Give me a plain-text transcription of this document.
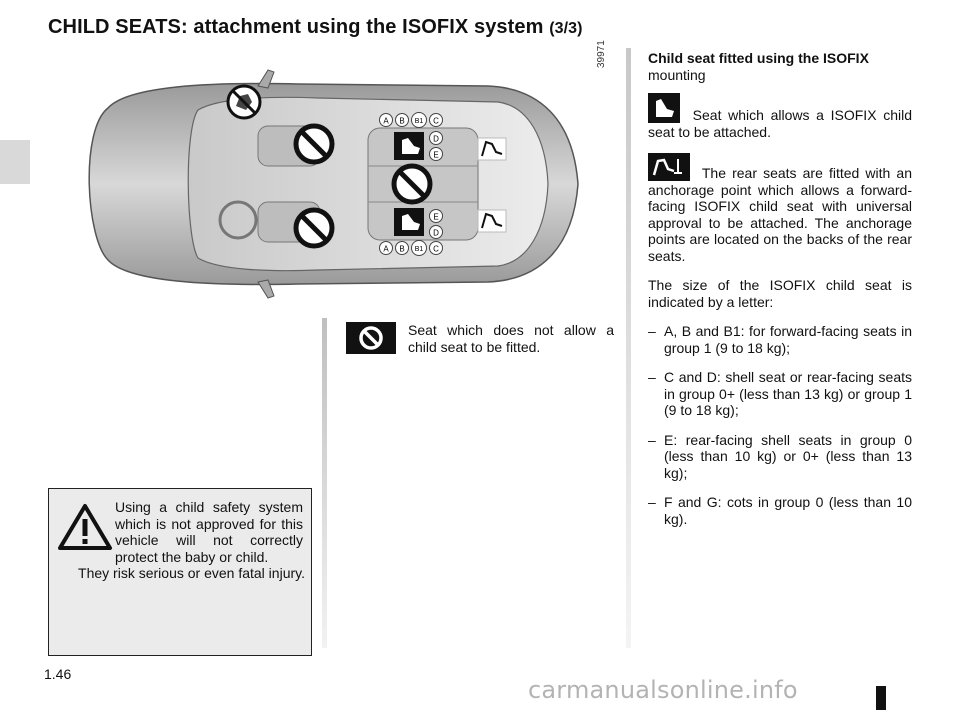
CHILD SEATS: attachment using the ISOFIX system (3/3)
39971
A B B1 C
D
E
E
D
A B B1 C

Seat which does not allow a child seat to be fitted.

Using a child safety system which is not approved for this vehicle will not correctly protect the baby or child.

They risk serious or even fatal injury.

Child seat fitted using the ISOFIX
mounting

Seat which allows a ISOFIX child seat to be attached.

The rear seats are fitted with an anchorage point which allows a forward-facing ISOFIX child seat with universal approval to be attached. The anchorage points are located on the backs of the rear seats.

The size of the ISOFIX child seat is indicated by a letter:

– A, B and B1: for forward-facing seats in group 1 (9 to 18 kg);

– C and D: shell seat or rear-facing seats in group 0+ (less than 13 kg) or group 1 (9 to 18 kg);

– E: rear-facing shell seats in group 0 (less than 10 kg) or 0+ (less than 13 kg);

– F and G: cots in group 0 (less than 10 kg).

1.46

carmanualsonline.info
